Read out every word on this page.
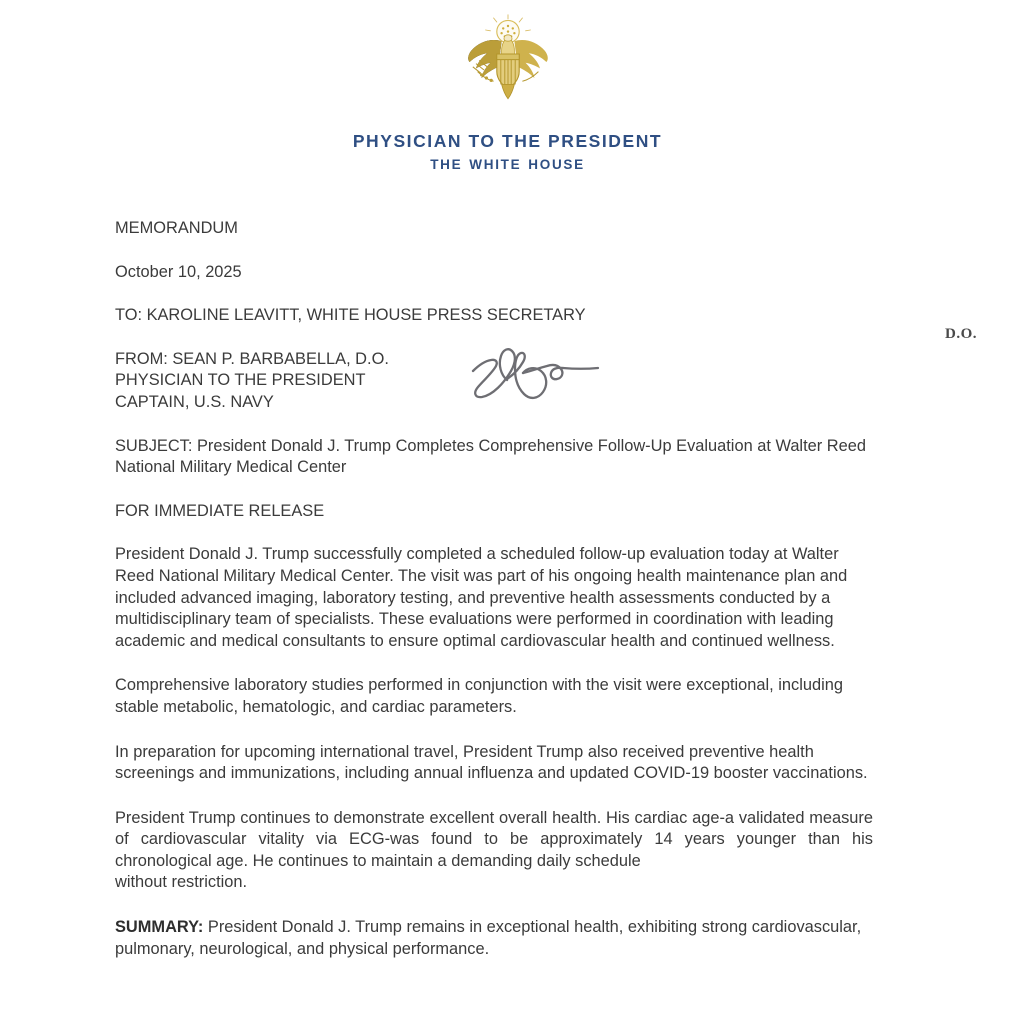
PHYSICIAN TO THE PRESIDENT
THE WHITE HOUSE
MEMORANDUM
October 10, 2025
TO: KAROLINE LEAVITT, WHITE HOUSE PRESS SECRETARY
FROM: SEAN P. BARBABELLA, D.O.
PHYSICIAN TO THE PRESIDENT
CAPTAIN, U.S. NAVY
D.O.
SUBJECT: President Donald J. Trump Completes Comprehensive Follow-Up Evaluation at Walter Reed National Military Medical Center
FOR IMMEDIATE RELEASE

President Donald J. Trump successfully completed a scheduled follow-up evaluation today at Walter Reed National Military Medical Center. The visit was part of his ongoing health maintenance plan and included advanced imaging, laboratory testing, and preventive health assessments conducted by a multidisciplinary team of specialists. These evaluations were performed in coordination with leading academic and medical consultants to ensure optimal cardiovascular health and continued wellness.

Comprehensive laboratory studies performed in conjunction with the visit were exceptional, including stable metabolic, hematologic, and cardiac parameters.

In preparation for upcoming international travel, President Trump also received preventive health screenings and immunizations, including annual influenza and updated COVID-19 booster vaccinations.

President Trump continues to demonstrate excellent overall health. His cardiac age-a validated measure of cardiovascular vitality via ECG-was found to be approximately 14 years younger than his chronological age. He continues to maintain a demanding daily schedule
without restriction.

SUMMARY: President Donald J. Trump remains in exceptional health, exhibiting strong cardiovascular, pulmonary, neurological, and physical performance.
